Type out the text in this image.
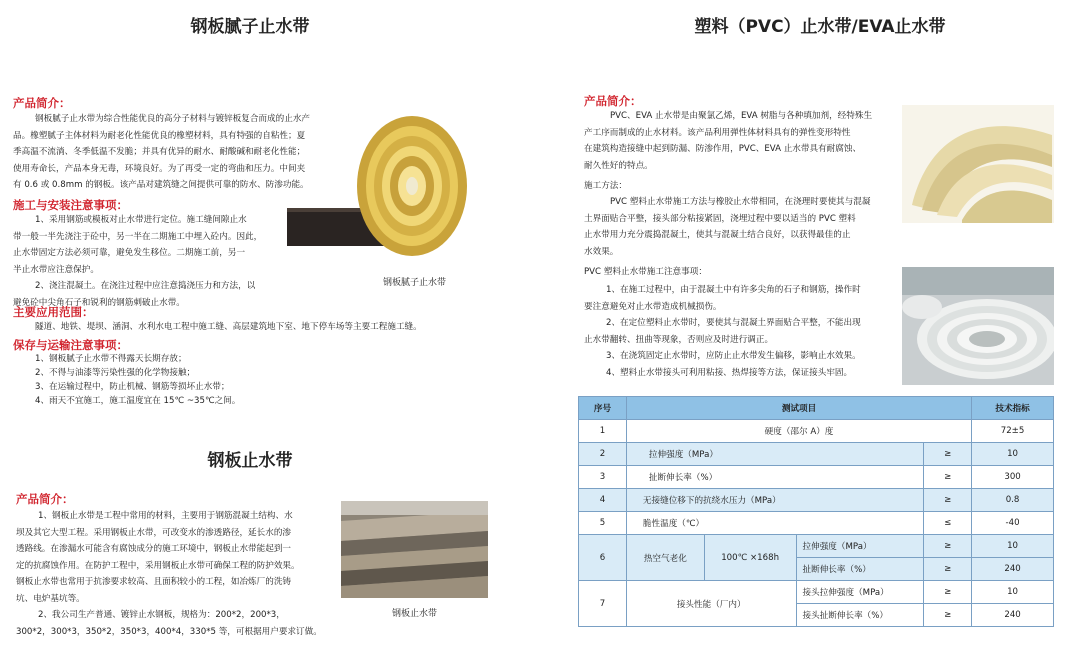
​
钢板腻子止水带
产品简介：

钢板腻子止水带为综合性能优良的高分子材料与镀锌板复合而成的止水产

品。橡塑腻子主体材料为耐老化性能优良的橡塑材料，具有特强的自粘性；夏

季高温不流淌、冬季低温不发脆；并具有优异的耐水、耐酸碱和耐老化性能；

使用寿命长，产品本身无毒，环境良好。为了再受一定的弯曲和压力。中间夹

有 0.6 或 0.8mm 的钢板。该产品对建筑缝之间提供可靠的防水、防渗功能。

施工与安装注意事项：

1、采用钢筋或模板对止水带进行定位。施工缝间隙止水

带一般一半先浇注于砼中，另一半在二期施工中埋入砼内。因此，

止水带固定方法必须可靠，避免发生移位。二期施工前，另一

半止水带应注意保护。

2、浇注混凝土。在浇注过程中应注意捣浇压力和方法，以

避免砼中尖角石子和锐利的钢筋刺破止水带。

钢板腻子止水带
主要应用范围：
隧道、地铁、堤坝、涵洞、水利水电工程中施工缝、高层建筑地下室、地下停车场等主要工程施工缝。
保存与运输注意事项：

1、钢板腻子止水带不得露天长期存放；

2、不得与油漆等污染性强的化学物接触；

3、在运输过程中，防止机械、钢筋等损坏止水带；

4、雨天不宜施工，施工温度宜在 15℃ ~35℃之间。

钢板止水带
产品简介：

1、钢板止水带是工程中常用的材料，主要用于钢筋混凝土结构、水

坝及其它大型工程。采用钢板止水带，可改变水的渗透路径，延长水的渗

透路线。在渗漏水可能含有腐蚀成分的施工环境中，钢板止水带能起到一

定的抗腐蚀作用。在防护工程中，采用钢板止水带可确保工程的防护效果。

钢板止水带也常用于抗渗要求较高、且面积较小的工程，如冶炼厂的洗铸

坑、电炉基坑等。

2、我公司生产普通、镀锌止水钢板，规格为：200*2，200*3，

300*2，300*3，350*2，350*3，400*4，330*5 等，可根据用户要求订做。

钢板止水带
塑料（PVC）止水带/EVA止水带
产品简介：

PVC、EVA 止水带是由聚氯乙烯，EVA 树脂与各种填加剂，经特殊生

产工序而制成的止水材料。该产品利用弹性体材料具有的弹性变形特性

在建筑构造接缝中起到防漏、防渗作用，PVC、EVA 止水带具有耐腐蚀、

耐久性好的特点。

施工方法：

PVC 塑料止水带施工方法与橡胶止水带相同，在浇理时要使其与混凝

土界面贴合平整，接头部分粘接紧固，浇埋过程中要以适当的 PVC 塑料

止水带用力充分震捣混凝土，使其与混凝土结合良好，以获得最佳的止

水效果。

PVC 塑料止水带施工注意事项：

1、在施工过程中，由于混凝土中有许多尖角的石子和钢筋，操作时

要注意避免对止水带造成机械损伤。

2、在定位塑料止水带时，要使其与混凝土界面贴合平整，不能出现

止水带翻转、扭曲等现象，否则应及时进行调正。

3、在浇筑固定止水带时，应防止止水带发生偏移，影响止水效果。

4、塑料止水带接头可利用粘接、热焊接等方法，保证接头牢固。

序号	测试项目				技术指标
1	硬度（邵尔 A）度				72±5
2	拉伸强度（MPa）			≥	10
3	扯断伸长率（%）			≥	300
4	无接缝位移下的抗绕水压力（MPa）			≥	0.8
5	脆性温度（℃）			≤	-40
6	热空气老化	100℃ ×168h	拉伸强度（MPa）	≥	10
			扯断伸长率（%）	≥	240
7	接头性能（厂内）		接头拉伸强度（MPa）	≥	10
			接头扯断伸长率（%）	≥	240
